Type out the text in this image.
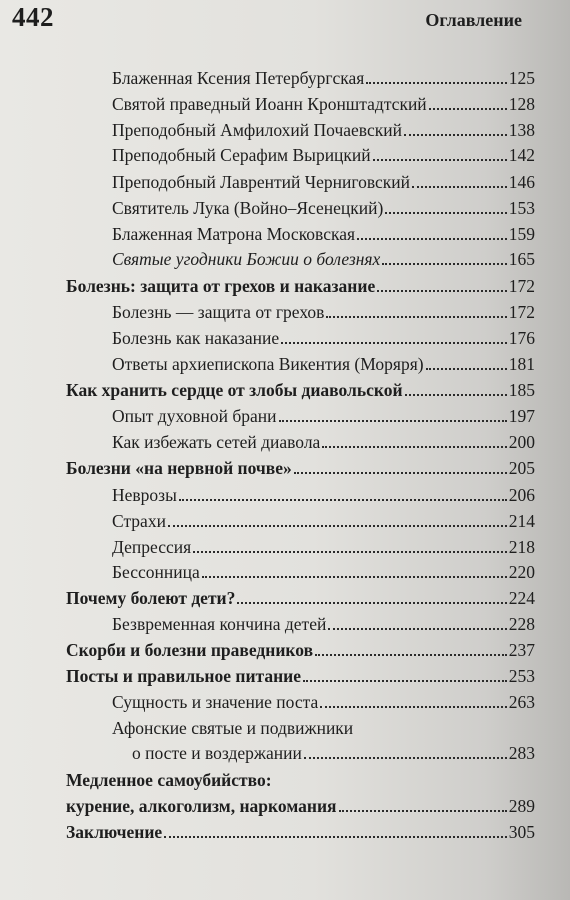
442	Оглавление
Блаженная Ксения Петербургская	125
Святой праведный Иоанн Кронштадтский	128
Преподобный Амфилохий Почаевский	138
Преподобный Серафим Вырицкий	142
Преподобный Лаврентий Черниговский	146
Святитель Лука (Войно–Ясенецкий)	153
Блаженная Матрона Московская	159
Святые угодники Божии о болезнях	165
Болезнь: защита от грехов и наказание	172
Болезнь — защита от грехов	172
Болезнь как наказание	176
Ответы архиепископа Викентия (Моряря)	181
Как хранить сердце от злобы диавольской	185
Опыт духовной брани	197
Как избежать сетей диавола	200
Болезни «на нервной почве»	205
Неврозы	206
Страхи	214
Депрессия	218
Бессонница	220
Почему болеют дети?	224
Безвременная кончина детей	228
Скорби и болезни праведников	237
Посты и правильное питание	253
Сущность и значение поста	263
Афонские святые и подвижники
о посте и воздержании	283
Медленное самоубийство:
курение, алкоголизм, наркомания	289
Заключение	305
